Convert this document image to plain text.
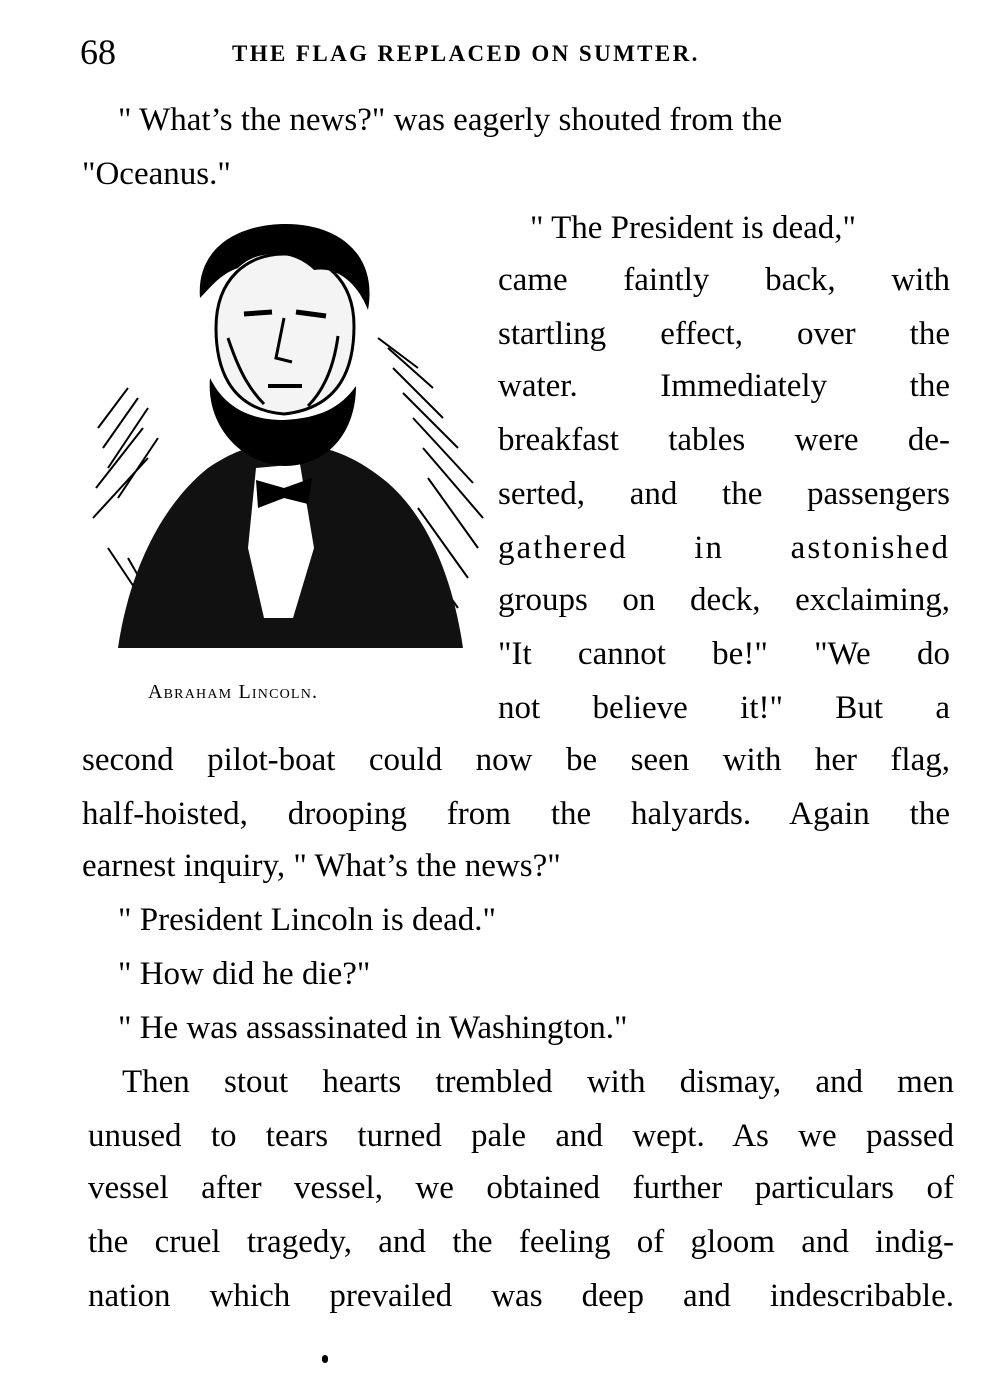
68	THE FLAG REPLACED ON SUMTER.
" What’s the news?" was eagerly shouted from the
"Oceanus."
Abraham Lincoln.
" The President is dead,"
came faintly back, with
startling effect, over the
water. Immediately the
breakfast tables were de-
serted, and the passengers
gathered in astonished
groups on deck, exclaiming,
"It cannot be!" "We do
not believe it!" But a
second pilot-boat could now be seen with her flag,
half-hoisted, drooping from the halyards. Again the
earnest inquiry, " What’s the news?"
" President Lincoln is dead."
" How did he die?"
" He was assassinated in Washington."
Then stout hearts trembled with dismay, and men
unused to tears turned pale and wept. As we passed
vessel after vessel, we obtained further particulars of
the cruel tragedy, and the feeling of gloom and indig-
nation which prevailed was deep and indescribable.
